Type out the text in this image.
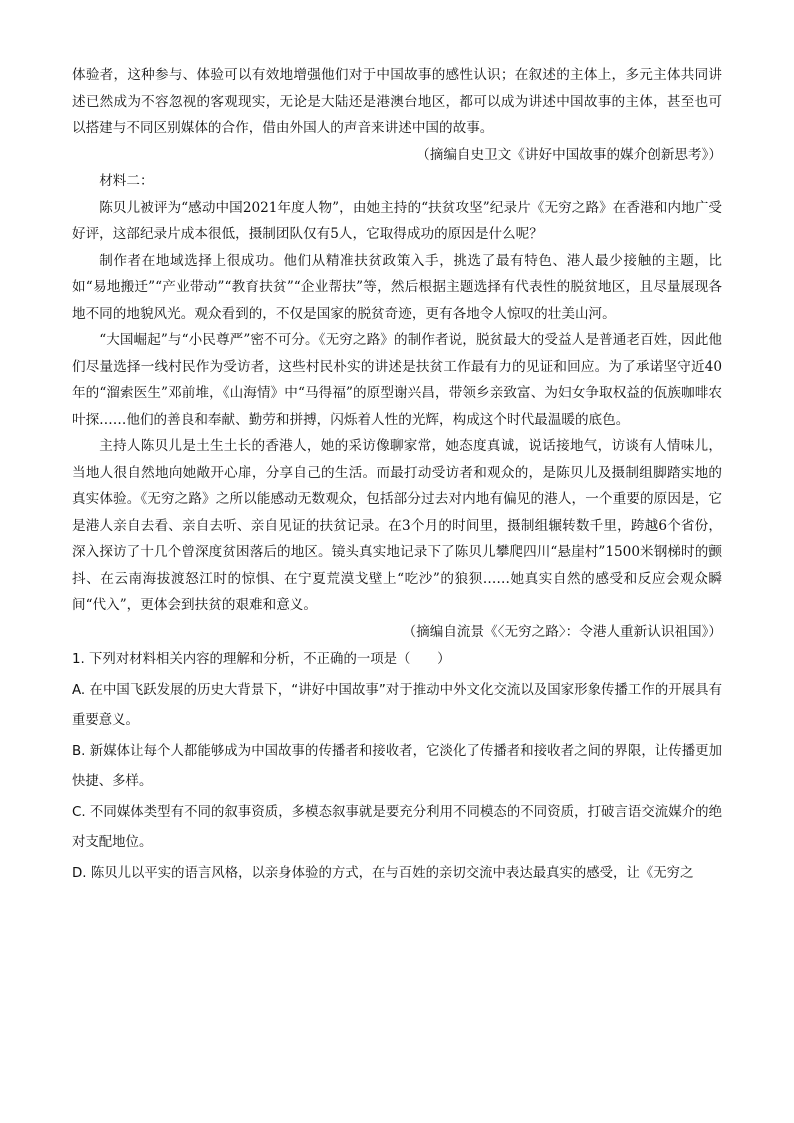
体验者，这种参与、体验可以有效地增强他们对于中国故事的感性认识；在叙述的主体上，多元主体共同讲述已然成为不容忽视的客观现实，无论是大陆还是港澳台地区，都可以成为讲述中国故事的主体，甚至也可以搭建与不同区别媒体的合作，借由外国人的声音来讲述中国的故事。

（摘编自史卫文《讲好中国故事的媒介创新思考》）

材料二：

陈贝儿被评为“感动中国2021年度人物”，由她主持的“扶贫攻坚”纪录片《无穷之路》在香港和内地广受好评，这部纪录片成本很低，摄制团队仅有5人，它取得成功的原因是什么呢？

制作者在地域选择上很成功。他们从精准扶贫政策入手，挑选了最有特色、港人最少接触的主题，比如“易地搬迁”“产业带动”“教育扶贫”“企业帮扶”等，然后根据主题选择有代表性的脱贫地区，且尽量展现各地不同的地貌风光。观众看到的，不仅是国家的脱贫奇迹，更有各地令人惊叹的壮美山河。

“大国崛起”与“小民尊严”密不可分。《无穷之路》的制作者说，脱贫最大的受益人是普通老百姓，因此他们尽量选择一线村民作为受访者，这些村民朴实的讲述是扶贫工作最有力的见证和回应。为了承诺坚守近40年的“溜索医生”邓前堆，《山海情》中“马得福”的原型谢兴昌，带领乡亲致富、为妇女争取权益的佤族咖啡农叶探……他们的善良和奉献、勤劳和拼搏，闪烁着人性的光辉，构成这个时代最温暖的底色。

主持人陈贝儿是土生土长的香港人，她的采访像聊家常，她态度真诚，说话接地气，访谈有人情味儿，当地人很自然地向她敞开心扉，分享自己的生活。而最打动受访者和观众的，是陈贝儿及摄制组脚踏实地的真实体验。《无穷之路》之所以能感动无数观众，包括部分过去对内地有偏见的港人，一个重要的原因是，它是港人亲自去看、亲自去听、亲自见证的扶贫记录。在3个月的时间里，摄制组辗转数千里，跨越6个省份，深入探访了十几个曾深度贫困落后的地区。镜头真实地记录下了陈贝儿攀爬四川“悬崖村”1500米钢梯时的颤抖、在云南海拔渡怒江时的惊惧、在宁夏荒漠戈壁上“吃沙”的狼狈……她真实自然的感受和反应会观众瞬间“代入”，更体会到扶贫的艰难和意义。

（摘编自流景《〈无穷之路〉：令港人重新认识祖国》）

1. 下列对材料相关内容的理解和分析，不正确的一项是（　　）

A. 在中国飞跃发展的历史大背景下，“讲好中国故事”对于推动中外文化交流以及国家形象传播工作的开展具有重要意义。

B. 新媒体让每个人都能够成为中国故事的传播者和接收者，它淡化了传播者和接收者之间的界限，让传播更加快捷、多样。

C. 不同媒体类型有不同的叙事资质，多模态叙事就是要充分利用不同模态的不同资质，打破言语交流媒介的绝对支配地位。

D. 陈贝儿以平实的语言风格，以亲身体验的方式，在与百姓的亲切交流中表达最真实的感受，让《无穷之
